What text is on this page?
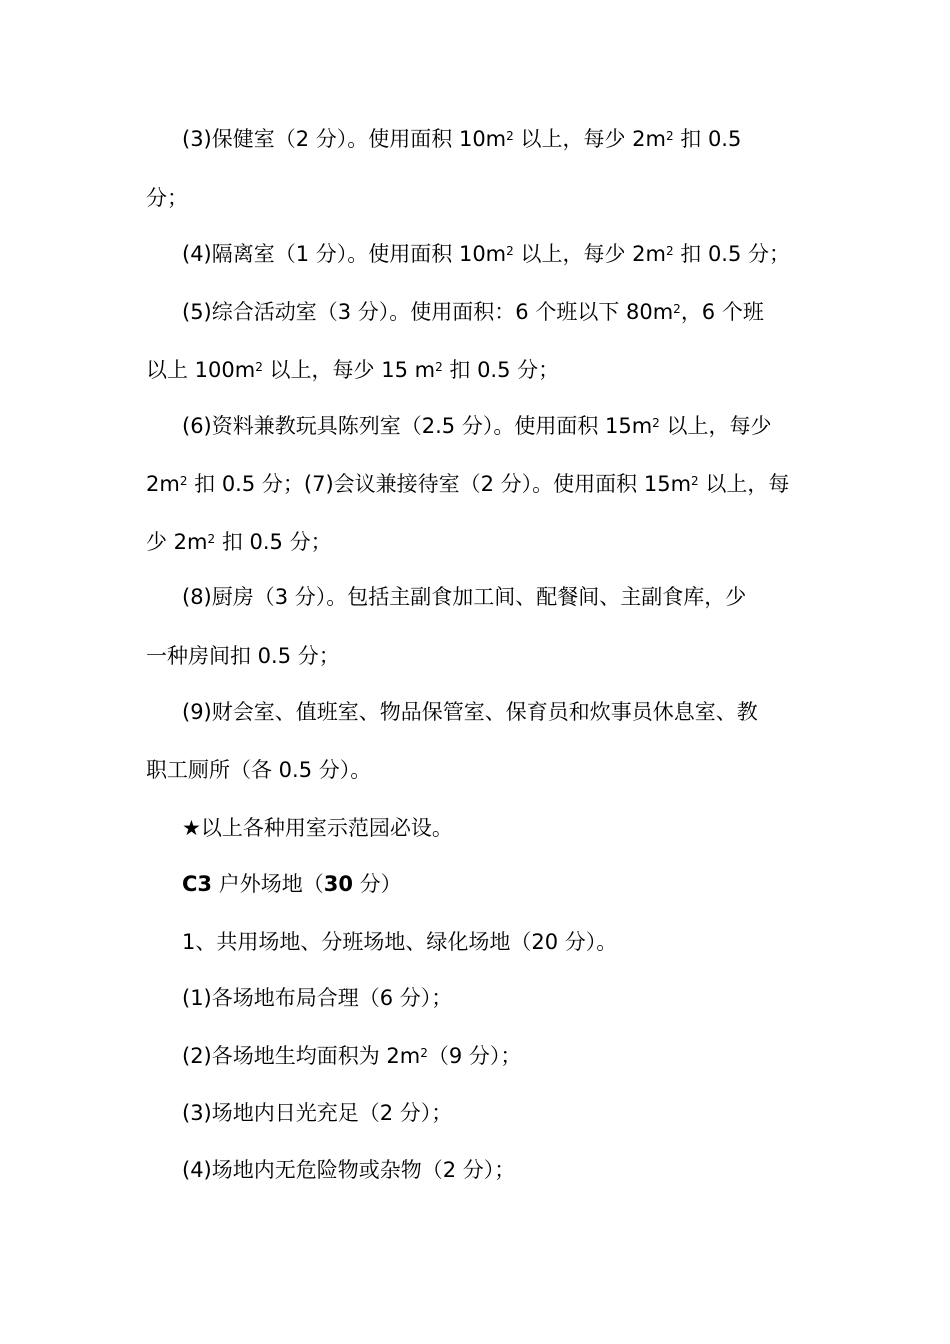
(3)保健室（2 分）。使用面积 $10m^2$ 以上，每少 $2m^2$ 扣 0.5
分；
(4)隔离室（1 分）。使用面积 $10m^2$ 以上，每少 $2m^2$ 扣 0.5 分；
(5)综合活动室（3 分）。使用面积：6 个班以下 $80m^2$，6 个班
以上 $100m^2$ 以上，每少 15 $m^2$ 扣 0.5 分；
(6)资料兼教玩具陈列室（2.5 分）。使用面积 $15m^2$ 以上，每少
$2m^2$ 扣 0.5 分；(7)会议兼接待室（2 分）。使用面积 $15m^2$ 以上，每
少 $2m^2$ 扣 0.5 分；
(8)厨房（3 分）。包括主副食加工间、配餐间、主副食库，少
一种房间扣 0.5 分；
(9)财会室、值班室、物品保管室、保育员和炊事员休息室、教
职工厕所（各 0.5 分）。
★以上各种用室示范园必设。
C3 户外场地（30 分）
1、共用场地、分班场地、绿化场地（20 分）。
(1)各场地布局合理（6 分）；
(2)各场地生均面积为 $2m^2(9$ 分）；
(3)场地内日光充足（2 分）；
(4)场地内无危险物或杂物（2 分）；
